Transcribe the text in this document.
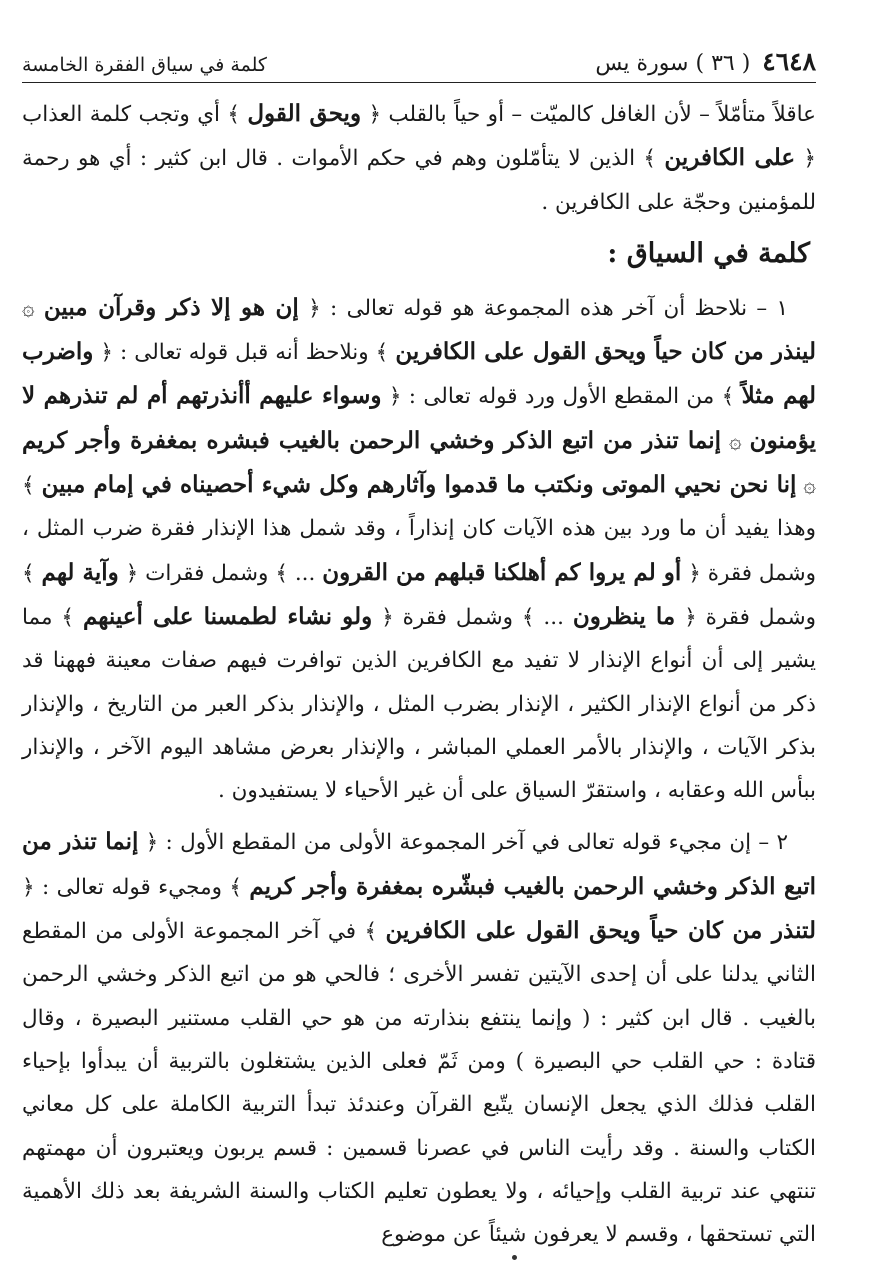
٤٦٤٨
( ٣٦ ) سورة يس
كلمة في سياق الفقرة الخامسة

عاقلاً متأمّلاً – لأن الغافل كالميّت – أو حياً بالقلب ﴿ ويحق القول ﴾ أي وتجب كلمة العذاب ﴿ على الكافرين ﴾ الذين لا يتأمّلون وهم في حكم الأموات . قال ابن كثير : أي هو رحمة للمؤمنين وحجّة على الكافرين .

كلمة في السياق :

١ – نلاحظ أن آخر هذه المجموعة هو قوله تعالى : ﴿ إن هو إلا ذكر وقرآن مبين ۞ لينذر من كان حياً ويحق القول على الكافرين ﴾ ونلاحظ أنه قبل قوله تعالى : ﴿ واضرب لهم مثلاً ﴾ من المقطع الأول ورد قوله تعالى : ﴿ وسواء عليهم أأنذرتهم أم لم تنذرهم لا يؤمنون ۞ إنما تنذر من اتبع الذكر وخشي الرحمن بالغيب فبشره بمغفرة وأجر كريم ۞ إنا نحن نحيي الموتى ونكتب ما قدموا وآثارهم وكل شيء أحصيناه في إمام مبين ﴾ وهذا يفيد أن ما ورد بين هذه الآيات كان إنذاراً ، وقد شمل هذا الإنذار فقرة ضرب المثل ، وشمل فقرة ﴿ أو لم يروا كم أهلكنا قبلهم من القرون ... ﴾ وشمل فقرات ﴿ وآية لهم ﴾ وشمل فقرة ﴿ ما ينظرون ... ﴾ وشمل فقرة ﴿ ولو نشاء لطمسنا على أعينهم ﴾ مما يشير إلى أن أنواع الإنذار لا تفيد مع الكافرين الذين توافرت فيهم صفات معينة فههنا قد ذكر من أنواع الإنذار الكثير ، الإنذار بضرب المثل ، والإنذار بذكر العبر من التاريخ ، والإنذار بذكر الآيات ، والإنذار بالأمر العملي المباشر ، والإنذار بعرض مشاهد اليوم الآخر ، والإنذار ببأس الله وعقابه ، واستقرّ السياق على أن غير الأحياء لا يستفيدون .

٢ – إن مجيء قوله تعالى في آخر المجموعة الأولى من المقطع الأول : ﴿ إنما تنذر من اتبع الذكر وخشي الرحمن بالغيب فبشّره بمغفرة وأجر كريم ﴾ ومجيء قوله تعالى : ﴿ لتنذر من كان حياً ويحق القول على الكافرين ﴾ في آخر المجموعة الأولى من المقطع الثاني يدلنا على أن إحدى الآيتين تفسر الأخرى ؛ فالحي هو من اتبع الذكر وخشي الرحمن بالغيب . قال ابن كثير : ( وإنما ينتفع بنذارته من هو حي القلب مستنير البصيرة ، وقال قتادة : حي القلب حي البصيرة ) ومن ثَمّ فعلى الذين يشتغلون بالتربية أن يبدأوا بإحياء القلب فذلك الذي يجعل الإنسان يتّبع القرآن وعندئذ تبدأ التربية الكاملة على كل معاني الكتاب والسنة . وقد رأيت الناس في عصرنا قسمين : قسم يربون ويعتبرون أن مهمتهم تنتهي عند تربية القلب وإحيائه ، ولا يعطون تعليم الكتاب والسنة الشريفة بعد ذلك الأهمية التي تستحقها ، وقسم لا يعرفون شيئاً عن موضوع
